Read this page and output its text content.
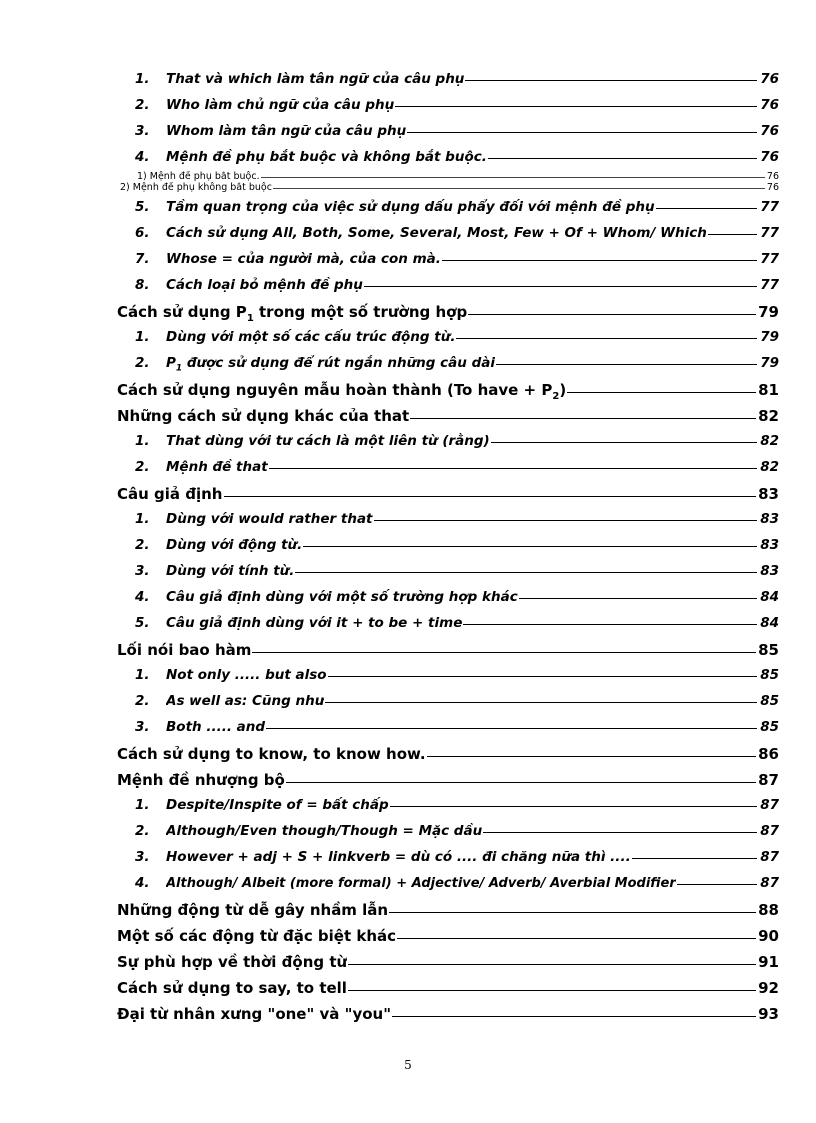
1.	That và which làm tân ngữ của câu phụ	76
2.	Who làm chủ ngữ của câu phụ	76
3.	Whom làm tân ngữ của câu phụ	76
4.	Mệnh đề phụ bắt buộc và không bắt buộc.	76
1) Mệnh đề phụ bắt buộc.	76
2) Mệnh đề phụ không bắt buộc	76
5.	Tầm quan trọng của việc sử dụng dấu phẩy đối với mệnh đề phụ	77
6.	Cách sử dụng All, Both, Some, Several, Most, Few + Of + Whom/ Which	77
7.	Whose = của người mà, của con mà.	77
8.	Cách loại bỏ mệnh đề phụ	77
Cách sử dụng $P_1$ trong một số trường hợp	79
1.	Dùng với một số các cấu trúc động từ.	79
2.	$P_1$ được sử dụng để rút ngắn những câu dài	79
Cách sử dụng nguyên mẫu hoàn thành (To have + $P_2$)	81
Những cách sử dụng khác của that	82
1.	That dùng với tư cách là một liên từ (rằng)	82
2.	Mệnh đề that	82
Câu giả định	83
1.	Dùng với would rather that	83
2.	Dùng với động từ.	83
3.	Dùng với tính từ.	83
4.	Câu giả định dùng với một số trường hợp khác	84
5.	Câu giả định dùng với it + to be + time	84
Lối nói bao hàm	85
1.	Not only ..... but also	85
2.	As well as: Cũng như	85
3.	Both ..... and	85
Cách sử dụng to know, to know how.	86
Mệnh đề nhượng bộ	87
1.	Despite/Inspite of = bất chấp	87
2.	Although/Even though/Though = Mặc dầu	87
3.	However + adj + S + linkverb = dù có .... đi chăng nữa thì ....	87
4.	Although/ Albeit (more formal) + Adjective/ Adverb/ Averbial Modifier	87
Những động từ dễ gây nhầm lẫn	88
Một số các động từ đặc biệt khác	90
Sự phù hợp về thời động từ	91
Cách sử dụng to say, to tell	92
Đại từ nhân xưng "one" và "you"	93
5
